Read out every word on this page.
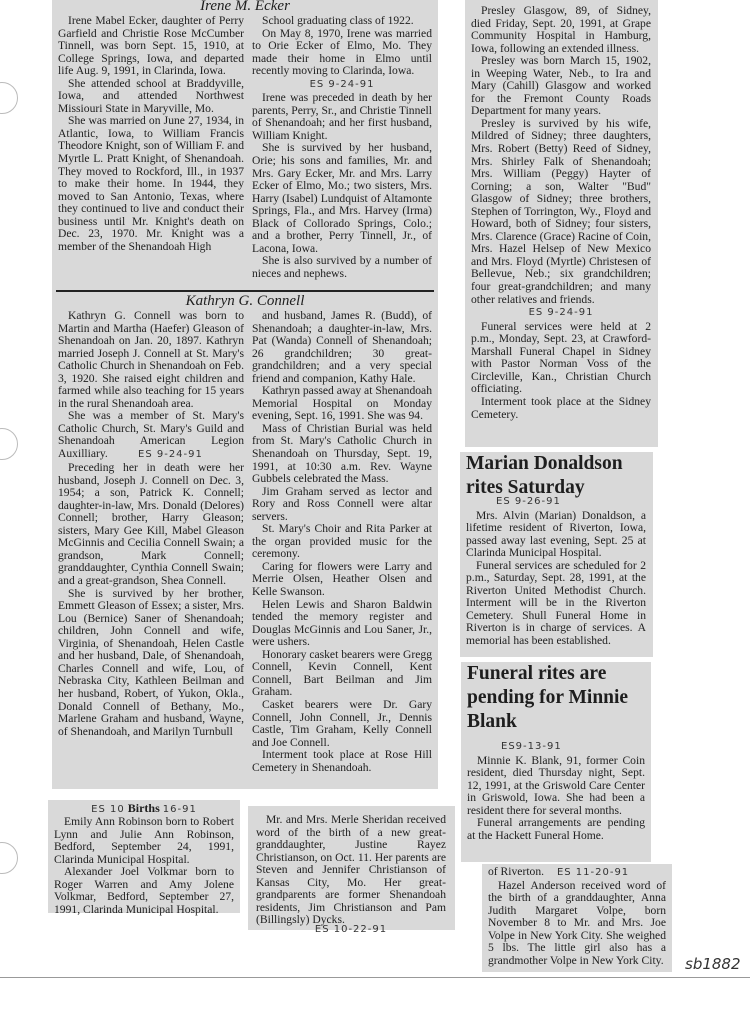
Irene M. Ecker

Irene Mabel Ecker, daughter of Perry Garfield and Christie Rose McCumber Tinnell, was born Sept. 15, 1910, at College Springs, Iowa, and departed life Aug. 9, 1991, in Clarinda, Iowa.

She attended school at Braddyville, Iowa, and attended Northwest Missiouri State in Maryville, Mo.

She was married on June 27, 1934, in Atlantic, Iowa, to William Francis Theodore Knight, son of William F. and Myrtle L. Pratt Knight, of Shenandoah. They moved to Rockford, Ill., in 1937 to make their home. In 1944, they moved to San Antonio, Texas, where they continued to live and conduct their business until Mr. Knight's death on Dec. 23, 1970. Mr. Knight was a member of the Shenandoah High

School graduating class of 1922.

On May 8, 1970, Irene was married to Orie Ecker of Elmo, Mo. They made their home in Elmo until recently moving to Clarinda, Iowa.

ES 9-24-91

Irene was preceded in death by her parents, Perry, Sr., and Christie Tinnell of Shenandoah; and her first husband, William Knight.

She is survived by her husband, Orie; his sons and families, Mr. and Mrs. Gary Ecker, Mr. and Mrs. Larry Ecker of Elmo, Mo.; two sisters, Mrs. Harry (Isabel) Lundquist of Altamonte Springs, Fla., and Mrs. Harvey (Irma) Black of Collorado Springs, Colo.; and a brother, Perry Tinnell, Jr., of Lacona, Iowa.

She is also survived by a number of nieces and nephews.

Kathryn G. Connell

Kathryn G. Connell was born to Martin and Martha (Haefer) Gleason of Shenandoah on Jan. 20, 1897. Kathryn married Joseph J. Connell at St. Mary's Catholic Church in Shenandoah on Feb. 3, 1920. She raised eight children and farmed while also teaching for 15 years in the rural Shenandoah area.

She was a member of St. Mary's Catholic Church, St. Mary's Guild and Shenandoah American Legion Auxilliary.	ES 9-24-91

Preceding her in death were her husband, Joseph J. Connell on Dec. 3, 1954; a son, Patrick K. Connell; daughter-in-law, Mrs. Donald (Delores) Connell; brother, Harry Gleason; sisters, Mary Gee Kill, Mabel Gleason McGinnis and Cecilia Connell Swain; a grandson, Mark Connell; granddaughter, Cynthia Connell Swain; and a great-grandson, Shea Connell.

She is survived by her brother, Emmett Gleason of Essex; a sister, Mrs. Lou (Bernice) Saner of Shenandoah; children, John Connell and wife, Virginia, of Shenandoah, Helen Castle and her husband, Dale, of Shenandoah, Charles Connell and wife, Lou, of Nebraska City, Kathleen Beilman and her husband, Robert, of Yukon, Okla., Donald Connell of Bethany, Mo., Marlene Graham and husband, Wayne, of Shenandoah, and Marilyn Turnbull

and husband, James R. (Budd), of Shenandoah; a daughter-in-law, Mrs. Pat (Wanda) Connell of Shenandoah; 26 grandchildren; 30 great-grandchildren; and a very special friend and companion, Kathy Hale.

Kathryn passed away at Shenandoah Memorial Hospital on Monday evening, Sept. 16, 1991. She was 94.

Mass of Christian Burial was held from St. Mary's Catholic Church in Shenandoah on Thursday, Sept. 19, 1991, at 10:30 a.m. Rev. Wayne Gubbels celebrated the Mass.

Jim Graham served as lector and Rory and Ross Connell were altar servers.

St. Mary's Choir and Rita Parker at the organ provided music for the ceremony.

Caring for flowers were Larry and Merrie Olsen, Heather Olsen and Kelle Swanson.

Helen Lewis and Sharon Baldwin tended the memory register and Douglas McGinnis and Lou Saner, Jr., were ushers.

Honorary casket bearers were Gregg Connell, Kevin Connell, Kent Connell, Bart Beilman and Jim Graham.

Casket bearers were Dr. Gary Connell, John Connell, Jr., Dennis Castle, Tim Graham, Kelly Connell and Joe Connell.

Interment took place at Rose Hill Cemetery in Shenandoah.

ES 10 Births 16-91

Emily Ann Robinson born to Robert Lynn and Julie Ann Robinson, Bedford, September 24, 1991, Clarinda Municipal Hospital.

Alexander Joel Volkmar born to Roger Warren and Amy Jolene Volkmar, Bedford, September 27, 1991, Clarinda Municipal Hospital.

Mr. and Mrs. Merle Sheridan received word of the birth of a new great-granddaughter, Justine Rayez Christianson, on Oct. 11. Her parents are Steven and Jennifer Christianson of Kansas City, Mo. Her great-grandparents are former Shenandoah residents, Jim Christianson and Pam (Billingsly) Dycks.

ES 10-22-91

Presley Glasgow, 89, of Sidney, died Friday, Sept. 20, 1991, at Grape Community Hospital in Hamburg, Iowa, following an extended illness.

Presley was born March 15, 1902, in Weeping Water, Neb., to Ira and Mary (Cahill) Glasgow and worked for the Fremont County Roads Department for many years.

Presley is survived by his wife, Mildred of Sidney; three daughters, Mrs. Robert (Betty) Reed of Sidney, Mrs. Shirley Falk of Shenandoah; Mrs. William (Peggy) Hayter of Corning; a son, Walter "Bud" Glasgow of Sidney; three brothers, Stephen of Torrington, Wy., Floyd and Howard, both of Sidney; four sisters, Mrs. Clarence (Grace) Racine of Coin, Mrs. Hazel Helsep of New Mexico and Mrs. Floyd (Myrtle) Christesen of Bellevue, Neb.; six grandchildren; four great-grandchildren; and many other relatives and friends.

ES 9-24-91

Funeral services were held at 2 p.m., Monday, Sept. 23, at Crawford-Marshall Funeral Chapel in Sidney with Pastor Norman Voss of the Circleville, Kan., Christian Church officiating.

Interment took place at the Sidney Cemetery.

Marian Donaldson rites Saturday
ES 9-26-91

Mrs. Alvin (Marian) Donaldson, a lifetime resident of Riverton, Iowa, passed away last evening, Sept. 25 at Clarinda Municipal Hospital.

Funeral services are scheduled for 2 p.m., Saturday, Sept. 28, 1991, at the Riverton United Methodist Church. Interment will be in the Riverton Cemetery. Shull Funeral Home in Riverton is in charge of services. A memorial has been established.

Funeral rites are pending for Minnie Blank
ES9-13-91

Minnie K. Blank, 91, former Coin resident, died Thursday night, Sept. 12, 1991, at the Griswold Care Center in Griswold, Iowa. She had been a resident there for several months.

Funeral arrangements are pending at the Hackett Funeral Home.

of Riverton. ES 11-20-91

Hazel Anderson received word of the birth of a granddaughter, Anna Judith Margaret Volpe, born November 8 to Mr. and Mrs. Joe Volpe in New York City. She weighed 5 lbs. The little girl also has a grandmother Volpe in New York City. sb1882
